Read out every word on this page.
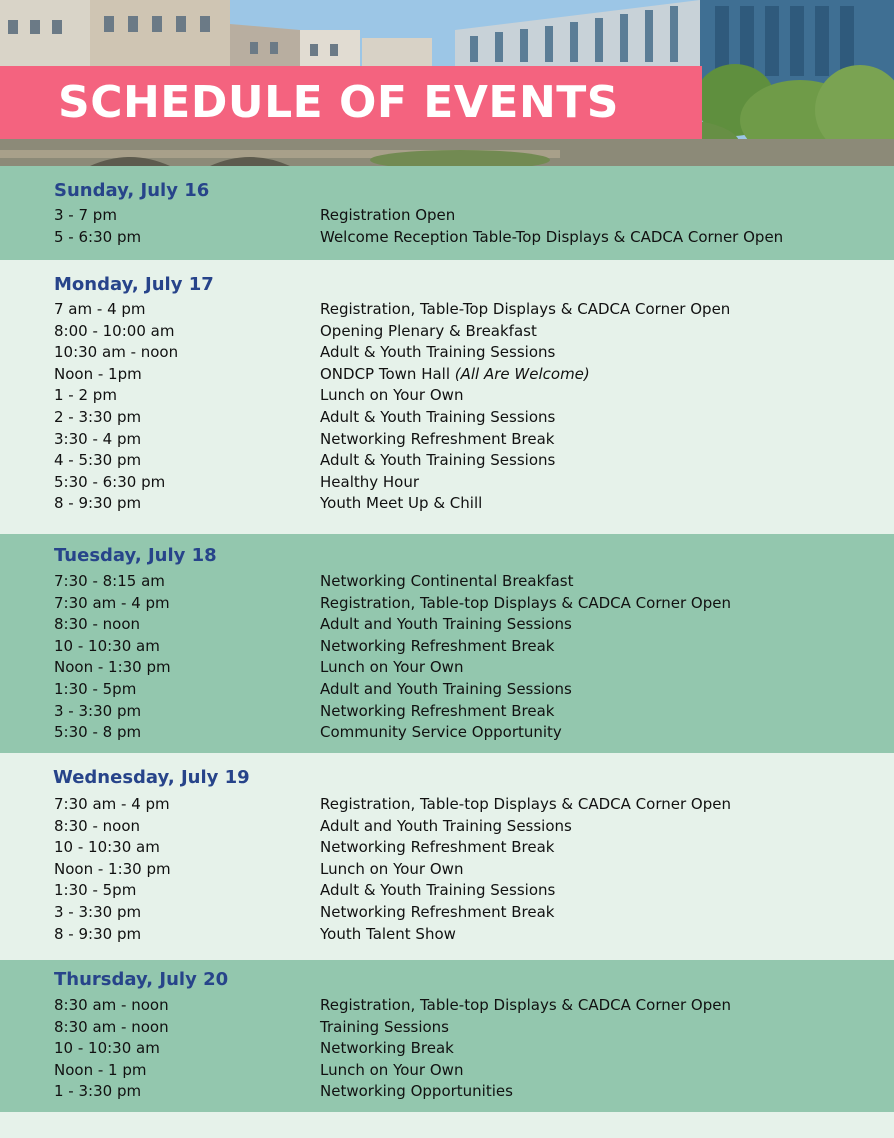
SCHEDULE OF EVENTS
Sunday, July 16
3 - 7 pm	Registration Open
5 - 6:30 pm	Welcome Reception Table-Top Displays & CADCA Corner Open
Monday, July 17
7 am - 4 pm	Registration, Table-Top Displays & CADCA Corner Open
8:00 - 10:00 am	Opening Plenary & Breakfast
10:30 am - noon	Adult & Youth Training Sessions
Noon - 1pm	ONDCP Town Hall (All Are Welcome)
1 - 2 pm	Lunch on Your Own
2 - 3:30 pm	Adult & Youth Training Sessions
3:30 - 4 pm	Networking Refreshment Break
4 - 5:30 pm	Adult & Youth Training Sessions
5:30 - 6:30 pm	Healthy Hour
8 - 9:30 pm	Youth Meet Up & Chill
Tuesday, July 18
7:30 - 8:15 am	Networking Continental Breakfast
7:30 am - 4 pm	Registration, Table-top Displays & CADCA Corner Open
8:30 - noon	Adult and Youth Training Sessions
10 - 10:30 am	Networking Refreshment Break
Noon - 1:30 pm	Lunch on Your Own
1:30 - 5pm	Adult and Youth Training Sessions
3 - 3:30 pm	Networking Refreshment Break
5:30 - 8 pm	Community Service Opportunity
Wednesday, July 19
7:30 am - 4 pm	Registration, Table-top Displays & CADCA Corner Open
8:30 - noon	Adult and Youth Training Sessions
10 - 10:30 am	Networking Refreshment Break
Noon - 1:30 pm	Lunch on Your Own
1:30 - 5pm	Adult & Youth Training Sessions
3 - 3:30 pm	Networking Refreshment Break
8 - 9:30 pm	Youth Talent Show
Thursday, July 20
8:30 am - noon	Registration, Table-top Displays & CADCA Corner Open
8:30 am - noon	Training Sessions
10 - 10:30 am	Networking Break
Noon - 1 pm	Lunch on Your Own
1 - 3:30 pm	Networking Opportunities
